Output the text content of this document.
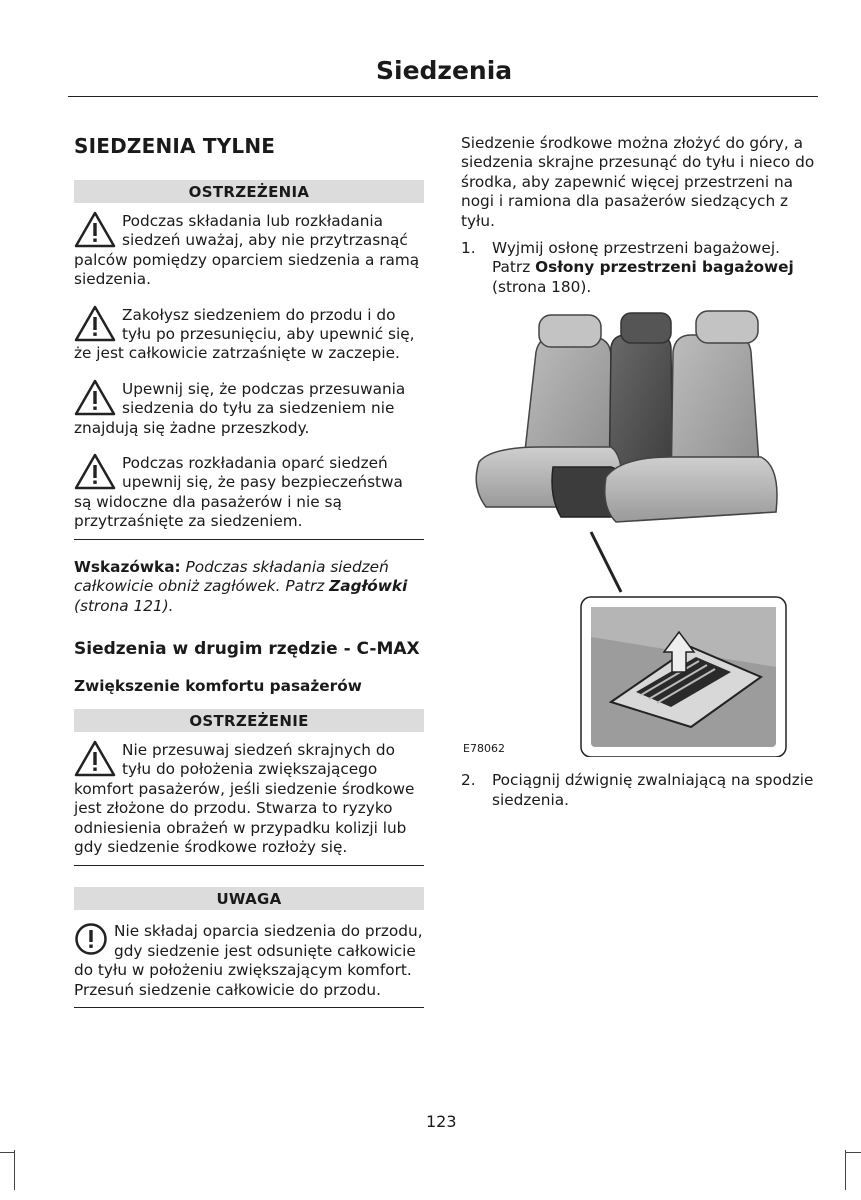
Siedzenia
SIEDZENIA TYLNE
OSTRZEŻENIA
Podczas składania lub rozkładania siedzeń uważaj, aby nie przytrzasnąć palców pomiędzy oparciem siedzenia a ramą siedzenia.
Zakołysz siedzeniem do przodu i do tyłu po przesunięciu, aby upewnić się, że jest całkowicie zatrzaśnięte w zaczepie.
Upewnij się, że podczas przesuwania siedzenia do tyłu za siedzeniem nie znajdują się żadne przeszkody.
Podczas rozkładania oparć siedzeń upewnij się, że pasy bezpieczeństwa są widoczne dla pasażerów i nie są przytrzaśnięte za siedzeniem.

Wskazówka: Podczas składania siedzeń całkowicie obniż zagłówek. Patrz Zagłówki (strona 121).

Siedzenia w drugim rzędzie - C-MAX
Zwiększenie komfortu pasażerów
OSTRZEŻENIE
Nie przesuwaj siedzeń skrajnych do tyłu do położenia zwiększającego komfort pasażerów, jeśli siedzenie środkowe jest złożone do przodu. Stwarza to ryzyko odniesienia obrażeń w przypadku kolizji lub gdy siedzenie środkowe rozłoży się.
UWAGA
Nie składaj oparcia siedzenia do przodu, gdy siedzenie jest odsunięte całkowicie do tyłu w położeniu zwiększającym komfort. Przesuń siedzenie całkowicie do przodu.

Siedzenie środkowe można złożyć do góry, a siedzenia skrajne przesunąć do tyłu i nieco do środka, aby zapewnić więcej przestrzeni na nogi i ramiona dla pasażerów siedzących z tyłu.

1. Wyjmij osłonę przestrzeni bagażowej. Patrz Osłony przestrzeni bagażowej (strona 180).
E78062
2. Pociągnij dźwignię zwalniającą na spodzie siedzenia.
123
